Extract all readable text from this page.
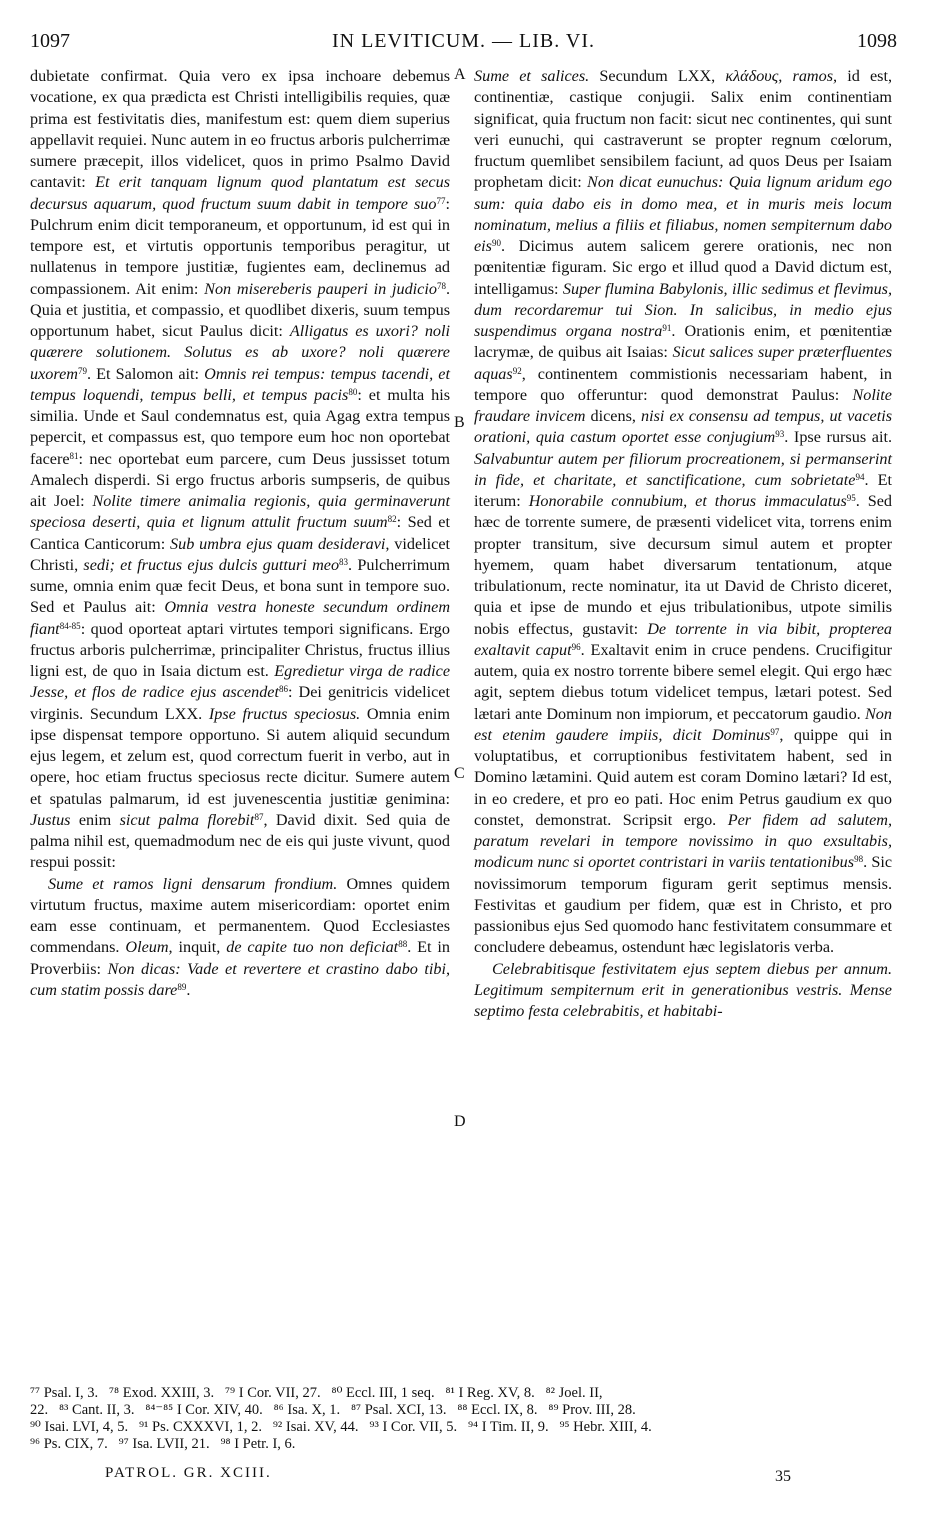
1097	IN LEVITICUM. — LIB. VI.	1098
A
B
C
D

dubietate confirmat. Quia vero ex ipsa inchoare debemus vocatione, ex qua prædicta est Christi intelligibilis requies, quæ prima est festivitatis dies, manifestum est: quem diem superius appellavit requiei. Nunc autem in eo fructus arboris pulcherrimæ sumere præcepit, illos videlicet, quos in primo Psalmo David cantavit: Et erit tanquam lignum quod plantatum est secus decursus aquarum, quod fructum suum dabit in tempore suo$^{77}$: Pulchrum enim dicit temporaneum, et opportunum, id est qui in tempore est, et virtutis opportunis temporibus peragitur, ut nullatenus in tempore justitiæ, fugientes eam, declinemus ad compassionem. Ait enim: Non misereberis pauperi in judicio$^{78}$. Quia et justitia, et compassio, et quodlibet dixeris, suum tempus opportunum habet, sicut Paulus dicit: Alligatus es uxori? noli quærere solutionem. Solutus es ab uxore? noli quærere uxorem$^{79}$. Et Salomon ait: Omnis rei tempus: tempus tacendi, et tempus loquendi, tempus belli, et tempus pacis$^{80}$: et multa his similia. Unde et Saul condemnatus est, quia Agag extra tempus pepercit, et compassus est, quo tempore eum hoc non oportebat facere$^{81}$: nec oportebat eum parcere, cum Deus jussisset totum Amalech disperdi. Si ergo fructus arboris sumpseris, de quibus ait Joel: Nolite timere animalia regionis, quia germinaverunt speciosa deserti, quia et lignum attulit fructum suum$^{82}$: Sed et Cantica Canticorum: Sub umbra ejus quam desideravi, videlicet Christi, sedi; et fructus ejus dulcis gutturi meo$^{83}$. Pulcherrimum sume, omnia enim quæ fecit Deus, et bona sunt in tempore suo. Sed et Paulus ait: Omnia vestra honeste secundum ordinem fiant$^{84-85}$: quod oporteat aptari virtutes tempori significans. Ergo fructus arboris pulcherrimæ, principaliter Christus, fructus illius ligni est, de quo in Isaia dictum est. Egredietur virga de radice Jesse, et flos de radice ejus ascendet$^{86}$: Dei genitricis videlicet virginis. Secundum LXX. Ipse fructus speciosus. Omnia enim ipse dispensat tempore opportuno. Si autem aliquid secundum ejus legem, et zelum est, quod correctum fuerit in verbo, aut in opere, hoc etiam fructus speciosus recte dicitur. Sumere autem et spatulas palmarum, id est juvenescentia justitiæ genimina: Justus enim sicut palma florebit$^{87}$, David dixit. Sed quia de palma nihil est, quemadmodum nec de eis qui juste vivunt, quod respui possit:

Sume et ramos ligni densarum frondium. Omnes quidem virtutum fructus, maxime autem misericordiam: oportet enim eam esse continuam, et permanentem. Quod Ecclesiastes commendans. Oleum, inquit, de capite tuo non deficiat$^{88}$. Et in Proverbiis: Non dicas: Vade et revertere et crastino dabo tibi, cum statim possis dare$^{89}$.

Sume et salices. Secundum LXX, κλάδους, ramos, id est, continentiæ, castique conjugii. Salix enim continentiam significat, quia fructum non facit: sicut nec continentes, qui sunt veri eunuchi, qui castraverunt se propter regnum cœlorum, fructum quemlibet sensibilem faciunt, ad quos Deus per Isaiam prophetam dicit: Non dicat eunuchus: Quia lignum aridum ego sum: quia dabo eis in domo mea, et in muris meis locum nominatum, melius a filiis et filiabus, nomen sempiternum dabo eis$^{90}$. Dicimus autem salicem gerere orationis, nec non pœnitentiæ figuram. Sic ergo et illud quod a David dictum est, intelligamus: Super flumina Babylonis, illic sedimus et flevimus, dum recordaremur tui Sion. In salicibus, in medio ejus suspendimus organa nostra$^{91}$. Orationis enim, et pœnitentiæ lacrymæ, de quibus ait Isaias: Sicut salices super præterfluentes aquas$^{92}$, continentem commistionis necessariam habent, in tempore quo offeruntur: quod demonstrat Paulus: Nolite fraudare invicem dicens, nisi ex consensu ad tempus, ut vacetis orationi, quia castum oportet esse conjugium$^{93}$. Ipse rursus ait. Salvabuntur autem per filiorum procreationem, si permanserint in fide, et charitate, et sanctificatione, cum sobrietate$^{94}$. Et iterum: Honorabile connubium, et thorus immaculatus$^{95}$. Sed hæc de torrente sumere, de præsenti videlicet vita, torrens enim propter transitum, sive decursum simul autem et propter hyemem, quam habet diversarum tentationum, atque tribulationum, recte nominatur, ita ut David de Christo diceret, quia et ipse de mundo et ejus tribulationibus, utpote similis nobis effectus, gustavit: De torrente in via bibit, propterea exaltavit caput$^{96}$. Exaltavit enim in cruce pendens. Crucifigitur autem, quia ex nostro torrente bibere semel elegit. Qui ergo hæc agit, septem diebus totum videlicet tempus, lætari potest. Sed lætari ante Dominum non impiorum, et peccatorum gaudio. Non est etenim gaudere impiis, dicit Dominus$^{97}$, quippe qui in voluptatibus, et corruptionibus festivitatem habent, sed in Domino lætamini. Quid autem est coram Domino lætari? Id est, in eo credere, et pro eo pati. Hoc enim Petrus gaudium ex quo constet, demonstrat. Scripsit ergo. Per fidem ad salutem, paratum revelari in tempore novissimo in quo exsultabis, modicum nunc si oportet contristari in variis tentationibus$^{98}$. Sic novissimorum temporum figuram gerit septimus mensis. Festivitas et gaudium per fidem, quæ est in Christo, et pro passionibus ejus Sed quomodo hanc festivitatem consummare et concludere debeamus, ostendunt hæc legislatoris verba.

Celebrabitisque festivitatem ejus septem diebus per annum. Legitimum sempiternum erit in generationibus vestris. Mense septimo festa celebrabitis, et habitabi-

⁷⁷ Psal. I, 3.   ⁷⁸ Exod. XXIII, 3.   ⁷⁹ I Cor. VII, 27.   ⁸⁰ Eccl. III, 1 seq.   ⁸¹ I Reg. XV, 8.   ⁸² Joel. II,
22.   ⁸³ Cant. II, 3.   ⁸⁴⁻⁸⁵ I Cor. XIV, 40.   ⁸⁶ Isa. X, 1.   ⁸⁷ Psal. XCI, 13.   ⁸⁸ Eccl. IX, 8.   ⁸⁹ Prov. III, 28.
⁹⁰ Isai. LVI, 4, 5.   ⁹¹ Ps. CXXXVI, 1, 2.   ⁹² Isai. XV, 44.   ⁹³ I Cor. VII, 5.   ⁹⁴ I Tim. II, 9.   ⁹⁵ Hebr. XIII, 4.
⁹⁶ Ps. CIX, 7.   ⁹⁷ Isa. LVII, 21.   ⁹⁸ I Petr. I, 6.
PATROL. GR. XCIII.	35
